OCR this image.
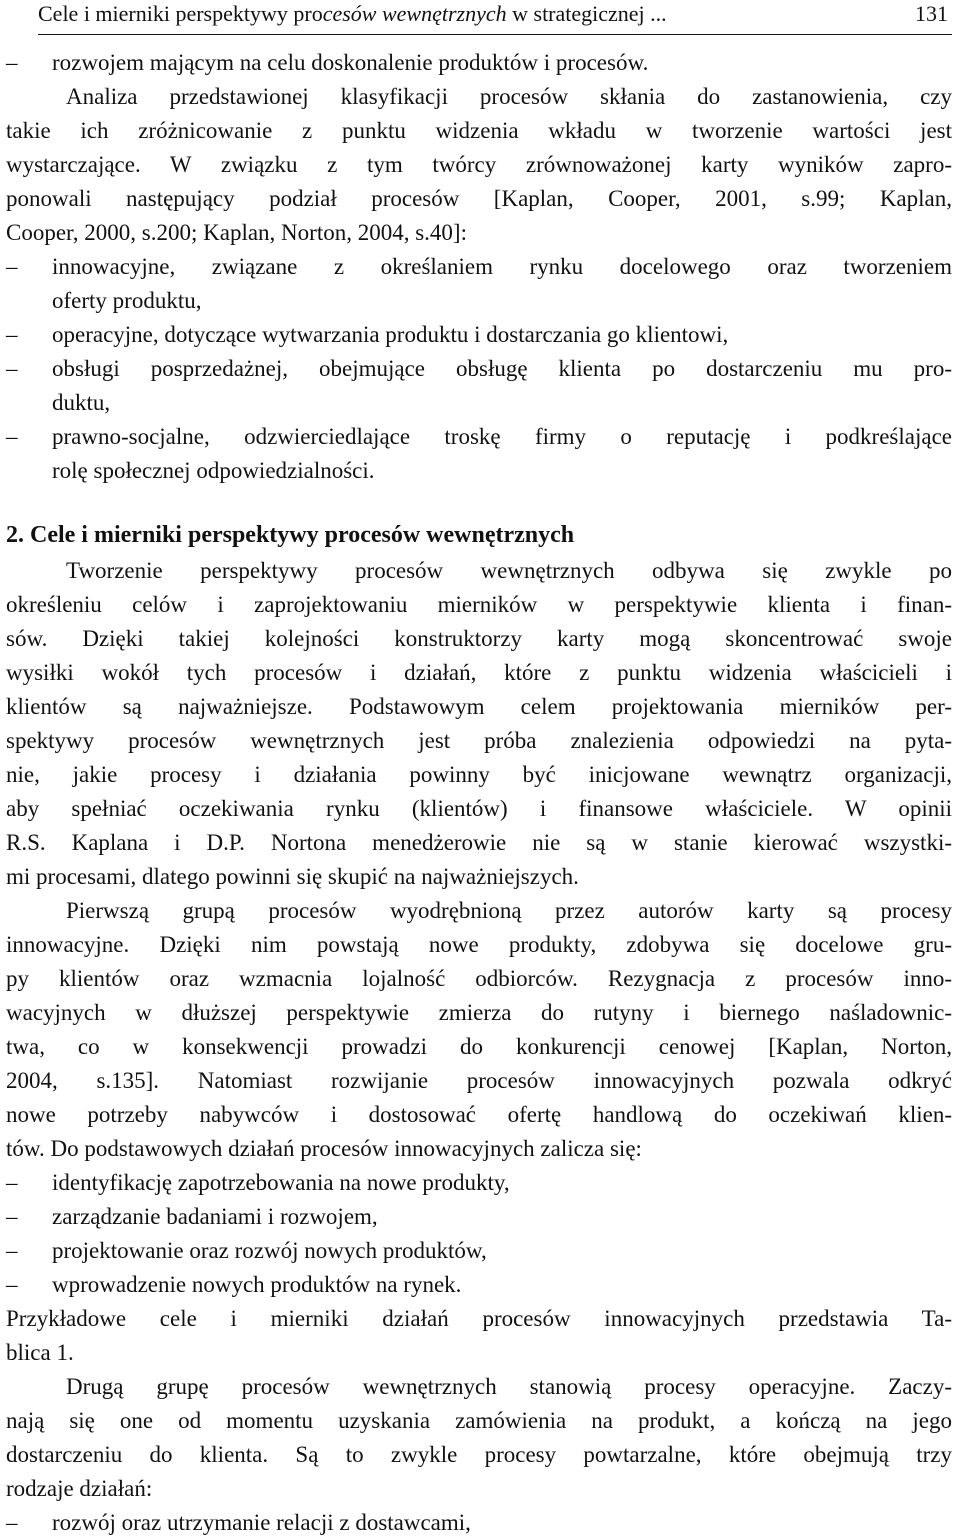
Cele i mierniki perspektywy procesów wewnętrznych w strategicznej ...	131
– rozwojem mającym na celu doskonalenie produktów i procesów.
Analiza przedstawionej klasyfikacji procesów skłania do zastanowienia, czy
takie ich zróżnicowanie z punktu widzenia wkładu w tworzenie wartości jest
wystarczające. W związku z tym twórcy zrównoważonej karty wyników zapro-
ponowali następujący podział procesów [Kaplan, Cooper, 2001, s.99; Kaplan,
Cooper, 2000, s.200; Kaplan, Norton, 2004, s.40]:
– innowacyjne, związane z określaniem rynku docelowego oraz tworzeniem
oferty produktu,
– operacyjne, dotyczące wytwarzania produktu i dostarczania go klientowi,
– obsługi posprzedażnej, obejmujące obsługę klienta po dostarczeniu mu pro-
duktu,
– prawno-socjalne, odzwierciedlające troskę firmy o reputację i podkreślające
rolę społecznej odpowiedzialności.
2. Cele i mierniki perspektywy procesów wewnętrznych
Tworzenie perspektywy procesów wewnętrznych odbywa się zwykle po
określeniu celów i zaprojektowaniu mierników w perspektywie klienta i finan-
sów. Dzięki takiej kolejności konstruktorzy karty mogą skoncentrować swoje
wysiłki wokół tych procesów i działań, które z punktu widzenia właścicieli i
klientów są najważniejsze. Podstawowym celem projektowania mierników per-
spektywy procesów wewnętrznych jest próba znalezienia odpowiedzi na pyta-
nie, jakie procesy i działania powinny być inicjowane wewnątrz organizacji,
aby spełniać oczekiwania rynku (klientów) i finansowe właściciele. W opinii
R.S. Kaplana i D.P. Nortona menedżerowie nie są w stanie kierować wszystki-
mi procesami, dlatego powinni się skupić na najważniejszych.
Pierwszą grupą procesów wyodrębnioną przez autorów karty są procesy
innowacyjne. Dzięki nim powstają nowe produkty, zdobywa się docelowe gru-
py klientów oraz wzmacnia lojalność odbiorców. Rezygnacja z procesów inno-
wacyjnych w dłuższej perspektywie zmierza do rutyny i biernego naśladownic-
twa, co w konsekwencji prowadzi do konkurencji cenowej [Kaplan, Norton,
2004, s.135]. Natomiast rozwijanie procesów innowacyjnych pozwala odkryć
nowe potrzeby nabywców i dostosować ofertę handlową do oczekiwań klien-
tów. Do podstawowych działań procesów innowacyjnych zalicza się:
– identyfikację zapotrzebowania na nowe produkty,
– zarządzanie badaniami i rozwojem,
– projektowanie oraz rozwój nowych produktów,
– wprowadzenie nowych produktów na rynek.
Przykładowe cele i mierniki działań procesów innowacyjnych przedstawia Ta-
blica 1.
Drugą grupę procesów wewnętrznych stanowią procesy operacyjne. Zaczy-
nają się one od momentu uzyskania zamówienia na produkt, a kończą na jego
dostarczeniu do klienta. Są to zwykle procesy powtarzalne, które obejmują trzy
rodzaje działań:
– rozwój oraz utrzymanie relacji z dostawcami,
